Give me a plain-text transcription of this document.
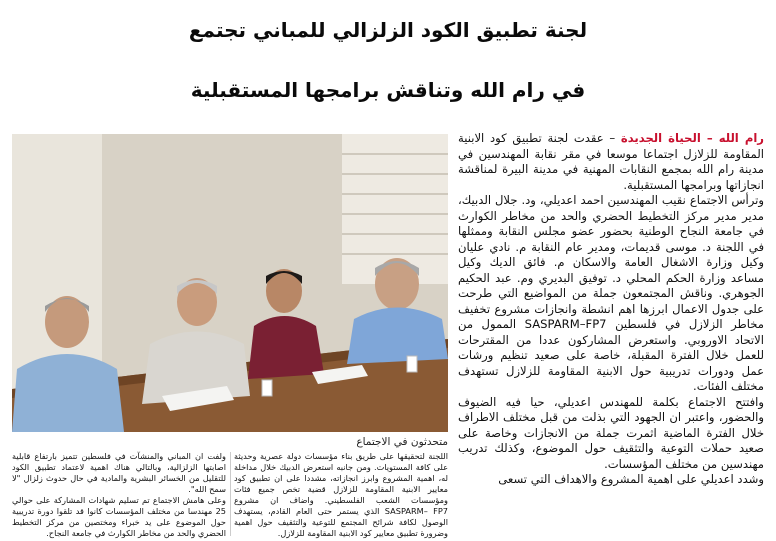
لجنة تطبيق الكود الزلزالي للمباني تجتمع
في رام الله وتناقش برامجها المستقبلية
متحدثون في الاجتماع

رام الله – الحياة الجديدة – عقدت لجنة تطبيق كود الابنية المقاومة للزلازل اجتماعا موسعا في مقر نقابة المهندسين في مدينة رام الله بمجمع النقابات المهنية في مدينة البيرة لمناقشة انجازاتها وبرامجها المستقبلية.

وترأس الاجتماع نقيب المهندسين احمد اعديلي، ود. جلال الدبيك، مدير مدير مركز التخطيط الحضري والحد من مخاطر الكوارث في جامعة النجاح الوطنية بحضور عضو مجلس النقابة وممثلها في اللجنة د. موسى قديمات، ومدير عام النقابة م. نادي عليان وكيل وزارة الاشغال العامة والاسكان م. فائق الديك وكيل مساعد وزارة الحكم المحلي د. توفيق البديري وم. عبد الحكيم الجوهري. وناقش المجتمعون جملة من المواضيع التي طرحت على جدول الاعمال ابرزها اهم انشطة وانجازات مشروع تخفيف مخاطر الزلازل في فلسطين SASPARM–FP7 الممول من الاتحاد الاوروبي. واستعرض المشاركون عددا من المقترحات للعمل خلال الفترة المقبلة، خاصة على صعيد تنظيم ورشات عمل ودورات تدريبية حول الابنية المقاومة للزلازل تستهدف مختلف الفئات.

وافتتح الاجتماع بكلمة للمهندس اعديلي، حيا فيه الضيوف والحضور، واعتبر ان الجهود التي بذلت من قبل مختلف الاطراف خلال الفترة الماضية اثمرت جملة من الانجازات وخاصة على صعيد حملات التوعية والتثقيف حول الموضوع، وكذلك تدريب مهندسين من مختلف المؤسسات.

وشدد اعديلي على اهمية المشروع والاهداف التي تسعى

اللجنة لتحقيقها على طريق بناء مؤسسات دولة عصرية وحديثة على كافة المستويات. ومن جانبه استعرض الدبيك خلال مداخلة له، اهمية المشروع وابرز انجازاته، مشددا على ان تطبيق كود معايير الابنية المقاومة للزلازل قضية تخص جميع فئات ومؤسسات الشعب الفلسطيني. واضاف ان مشروع SASPARM– FP7 الذي يستمر حتى العام القادم، يستهدف الوصول لكافة شرائح المجتمع للتوعية والتثقيف حول اهمية وضرورة تطبيق معايير كود الابنية المقاومة للزلازل.

ولفت ان المباني والمنشآت في فلسطين تتميز بارتفاع قابلية اصابتها الزلزالية، وبالتالي هناك اهمية لاعتماد تطبيق الكود للتقليل من الخسائر البشرية والمادية في حال حدوث زلزال "لا سمح الله".

وعلى هامش الاجتماع تم تسليم شهادات المشاركة على حوالي 25 مهندسا من مختلف المؤسسات كانوا قد تلقوا دورة تدريبية حول الموضوع على يد خبراء ومختصين من مركز التخطيط الحضري والحد من مخاطر الكوارث في جامعة النجاح.
